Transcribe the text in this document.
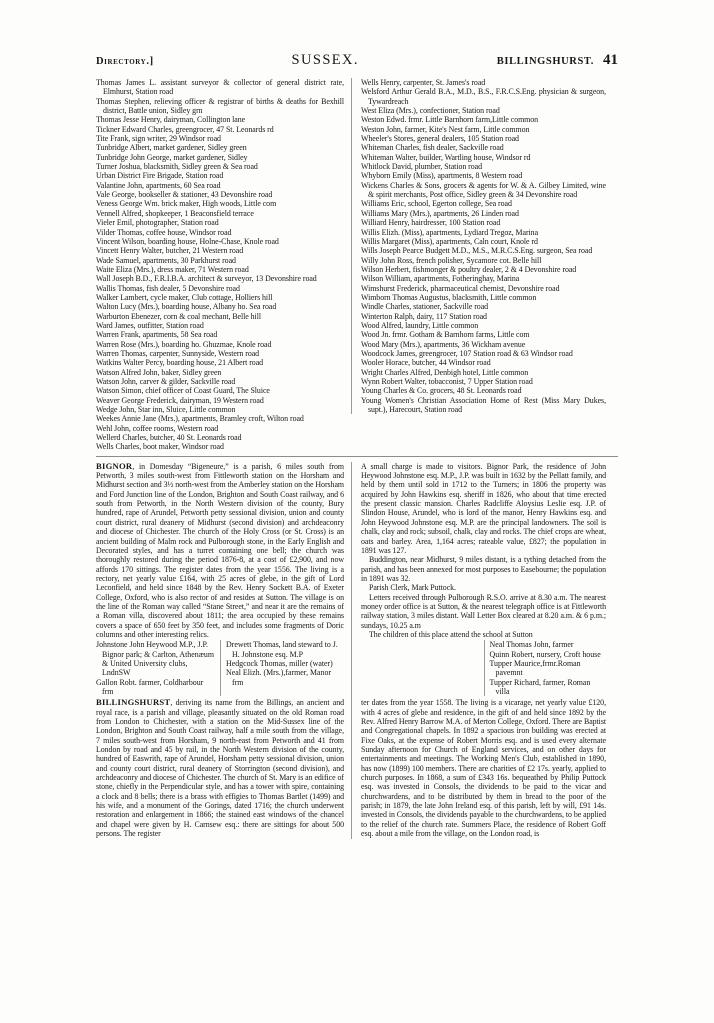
Directory.]	SUSSEX.	BILLINGSHURST. 41
Thomas James L. assistant surveyor & collector of general district rate, Elmhurst, Station road
Thomas Stephen, relieving officer & registrar of births & deaths for Bexhill district, Battle union, Sidley grn
Thomas Jesse Henry, dairyman, Collington lane
Tickner Edward Charles, greengrocer, 47 St. Leonards rd
Tite Frank, sign writer, 29 Windsor road
Tunbridge Albert, market gardener, Sidley green
Tunbridge John George, market gardener, Sidley
Turner Joshua, blacksmith, Sidley green & Sea road
Urban District Fire Brigade, Station road
Valantine John, apartments, 60 Sea road
Vale George, bookseller & stationer, 43 Devonshire road
Veness George Wm. brick maker, High woods, Little com
Vennell Alfred, shopkeeper, 1 Beaconsfield terrace
Vieler Emil, photographer, Station road
Vilder Thomas, coffee house, Windsor road
Vincent Wilson, boarding house, Holne-Chase, Knole road
Vincett Henry Walter, butcher, 21 Western road
Wade Samuel, apartments, 30 Parkhurst road
Waite Eliza (Mrs.), dress maker, 71 Western road
Wall Joseph B.D., F.R.I.B.A. architect & surveyor, 13 Devonshire road
Wallis Thomas, fish dealer, 5 Devonshire road
Walker Lambert, cycle maker, Club cottage, Holliers hill
Walton Lucy (Mrs.), boarding house, Albany ho. Sea road
Warburton Ebenezer, corn & coal mechant, Belle hill
Ward James, outfitter, Station road
Warren Frank, apartments, 58 Sea road
Warren Rose (Mrs.), boarding ho. Ghuzmae, Knole road
Warren Thomas, carpenter, Sunnyside, Western road
Watkins Walter Percy, boarding house, 21 Albert road
Watson Alfred John, baker, Sidley green
Watson John, carver & gilder, Sackville road
Watson Simon, chief officer of Coast Guard, The Sluice
Weaver George Frederick, dairyman, 19 Western road
Wedge John, Star inn, Sluice, Little common
Weekes Annie Jane (Mrs.), apartments, Bramley croft, Wilton road
Wehl John, coffee rooms, Western road
Wellerd Charles, butcher, 40 St. Leonards road
Wells Charles, boot maker, Windsor road
Wells Henry, carpenter, St. James's road
Welsford Arthur Gerald B.A., M.D., B.S., F.R.C.S.Eng. physician & surgeon, Tywardreach
West Eliza (Mrs.), confectioner, Station road
Weston Edwd. frmr. Little Barnhorn farm,Little common
Weston John, farmer, Kite's Nest farm, Little common
Wheeler's Stores, general dealers, 105 Station road
Whiteman Charles, fish dealer, Sackville road
Whiteman Walter, builder, Wartling house, Windsor rd
Whitlock David, plumber, Station road
Whyborn Emily (Miss), apartments, 8 Western road
Wickens Charles & Sons, grocers & agents for W. & A. Gilbey Limited, wine & spirit merchants, Post office, Sidley green & 34 Devonshire road
Williams Eric, school, Egerton college, Sea road
Williams Mary (Mrs.), apartments, 26 Linden road
Williard Henry, hairdresser, 100 Station road
Willis Elizh. (Miss), apartments, Lydiard Tregoz, Marina
Willis Margaret (Miss), apartments, Caln court, Knole rd
Wills Joseph Pearce Budgett M.D., M.S., M.R.C.S.Eng. surgeon, Sea road
Willy John Ross, french polisher, Sycamore cot. Belle hill
Wilson Herbert, fishmonger & poultry dealer, 2 & 4 Devonshire road
Wilson William, apartments, Fotheringhay, Marina
Wimshurst Frederick, pharmaceutical chemist, Devonshire road
Wimborn Thomas Augustus, blacksmith, Little common
Windle Charles, stationer, Sackville road
Winterton Ralph, dairy, 117 Station road
Wood Alfred, laundry, Little common
Wood Jn. frmr. Gotham & Barnhorn farms, Little com
Wood Mary (Mrs.), apartments, 36 Wickham avenue
Woodcock James, greengrocer, 107 Station road & 63 Windsor road
Wooler Horace, butcher, 44 Windsor road
Wright Charles Alfred, Denbigh hotel, Little common
Wynn Robert Walter, tobacconist, 7 Upper Station road
Young Charles & Co. grocers, 48 St. Leonards road
Young Women's Christian Association Home of Rest (Miss Mary Dukes, supt.), Harecourt, Station road

BIGNOR, in Domesday “Bigeneure,” is a parish, 6 miles south from Petworth, 3 miles south-west from Fittleworth station on the Horsham and Midhurst section and 3½ north-west from the Amberley station on the Horsham and Ford Junction line of the London, Brighton and South Coast railway, and 6 south from Petworth, in the North Western division of the county, Bury hundred, rape of Arundel, Petworth petty sessional division, union and county court district, rural deanery of Midhurst (second division) and archdeaconry and diocese of Chichester. The church of the Holy Cross (or St. Cross) is an ancient building of Malm rock and Pulborough stone, in the Early English and Decorated styles, and has a turret containing one bell; the church was thoroughly restored during the period 1876-8, at a cost of £2,900, and now affords 170 sittings. The register dates from the year 1556. The living is a rectory, net yearly value £164, with 25 acres of glebe, in the gift of Lord Leconfield, and held since 1848 by the Rev. Henry Sockett B.A. of Exeter College, Oxford, who is also rector of and resides at Sutton. The village is on the line of the Roman way called “Stane Street,” and near it are the remains of a Roman villa, discovered about 1811; the area occupied by these remains covers a space of 650 feet by 350 feet, and includes some fragments of Doric columns and other interesting relics.

Johnstone John Heywood M.P., J.P. Bignor park; & Carlton, Athenæum & United University clubs, LndnSW
Gallon Robt. farmer, Coldharbour frm
Drewett Thomas, land steward to J. H. Johnstone esq. M.P
Hedgcock Thomas, miller (water)
Neal Elizh. (Mrs.),farmer, Manor frm

BILLINGSHURST, deriving its name from the Billings, an ancient and royal race, is a parish and village, pleasantly situated on the old Roman road from London to Chichester, with a station on the Mid-Sussex line of the London, Brighton and South Coast railway, half a mile south from the village, 7 miles south-west from Horsham, 9 north-east from Petworth and 41 from London by road and 45 by rail, in the North Western division of the county, hundred of Easwrith, rape of Arundel, Horsham petty sessional division, union and county court district, rural deanery of Storrington (second division), and archdeaconry and diocese of Chichester. The church of St. Mary is an edifice of stone, chiefly in the Perpendicular style, and has a tower with spire, containing a clock and 8 bells; there is a brass with effigies to Thomas Bartlet (1499) and his wife, and a monument of the Gorings, dated 1716; the church underwent restoration and enlargement in 1866; the stained east windows of the chancel and chapel were given by H. Carnsew esq.: there are sittings for about 500 persons. The register

A small charge is made to visitors. Bignor Park, the residence of John Heywood Johnstone esq. M.P., J.P. was built in 1632 by the Pellatt family, and held by them until sold in 1712 to the Turners; in 1806 the property was acquired by John Hawkins esq. sheriff in 1826, who about that time erected the present classic mansion. Charles Radcliffe Aloysius Leslie esq. J.P. of Slindon House, Arundel, who is lord of the manor, Henry Hawkins esq. and John Heywood Johnstone esq. M.P. are the principal landowners. The soil is chalk, clay and rock; subsoil, chalk, clay and rocks. The chief crops are wheat, oats and barley. Area, 1,164 acres; rateable value, £827; the population in 1891 was 127.

Buddington, near Midhurst, 9 miles distant, is a tything detached from the parish, and has been annexed for most purposes to Easebourne; the population in 1891 was 32.

Parish Clerk, Mark Puttock.

Letters received through Pulborough R.S.O. arrive at 8.30 a.m. The nearest money order office is at Sutton, & the nearest telegraph office is at Fittleworth railway station, 3 miles distant. Wall Letter Box cleared at 8.20 a.m. & 6 p.m.; sundays, 10.25 a.m

The children of this place attend the school at Sutton

Neal Thomas John, farmer
Quinn Robert, nursery, Croft house
Tupper Maurice,frmr.Roman pavemnt
Tupper Richard, farmer, Roman villa

ter dates from the year 1558. The living is a vicarage, net yearly value £120, with 4 acres of glebe and residence, in the gift of and held since 1892 by the Rev. Alfred Henry Barrow M.A. of Merton College, Oxford. There are Baptist and Congregational chapels. In 1892 a spacious iron building was erected at Fixe Oaks, at the expense of Robert Morris esq. and is used every alternate Sunday afternoon for Church of England services, and on other days for entertainments and meetings. The Working Men's Club, established in 1890, has now (1899) 100 members. There are charities of £2 17s. yearly, applied to church purposes. In 1868, a sum of £343 16s. bequeathed by Philip Puttock esq. was invested in Consols, the dividends to be paid to the vicar and churchwardens, and to be distributed by them in bread to the poor of the parish; in 1879, the late John Ireland esq. of this parish, left by will, £91 14s. invested in Consols, the dividends payable to the churchwardens, to be applied to the relief of the church rate. Summers Place, the residence of Robert Goff esq. about a mile from the village, on the London road, is
